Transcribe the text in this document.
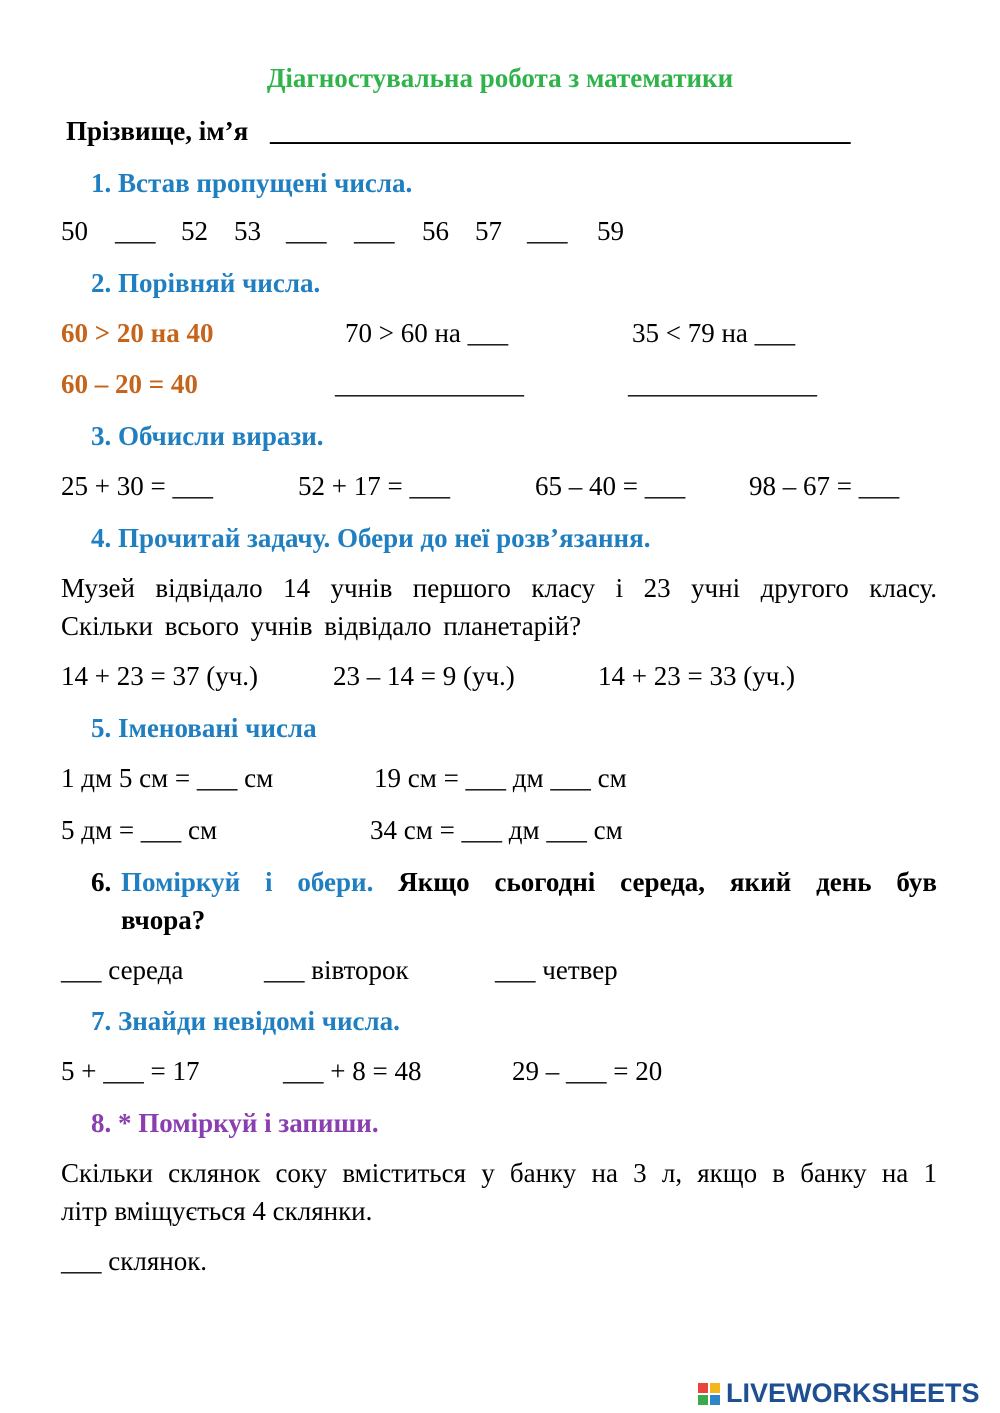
Діагностувальна робота з математики
Прізвище, ім’я ___________________________________________
1. Встав пропущені числа.
50 ___ 52 53 ___ ___ 56 57 ___ 59
2. Порівняй числа.
60 > 20 на 40	70 > 60 на ___	35 < 79 на ___
60 – 20 = 40	______________	______________
3. Обчисли вирази.
25 + 30 = ___	52 + 17 = ___	65 – 40 = ___ 98 – 67 = ___
4. Прочитай задачу. Обери до неї розв’язання.
Музей відвідало 14 учнів першого класу і 23 учні другого класу.
Скільки всього учнів відвідало планетарій?
14 + 23 = 37 (уч.)	23 – 14 = 9 (уч.)	14 + 23 = 33 (уч.)
5. Іменовані числа
1 дм 5 см = ___ см	19 см = ___ дм ___ см
5 дм = ___ см	34 см = ___ дм ___ см
6. Поміркуй і обери. Якщо сьогодні середа, який день був
вчора?
___ середа	___ вівторок	___ четвер
7. Знайди невідомі числа.
5 + ___ = 17	___ + 8 = 48	29 – ___ = 20
8. * Поміркуй і запиши.
Скільки склянок соку вміститься у банку на 3 л, якщо в банку на 1
літр вміщується 4 склянки.
___ склянок.
LIVEWORKSHEETS
